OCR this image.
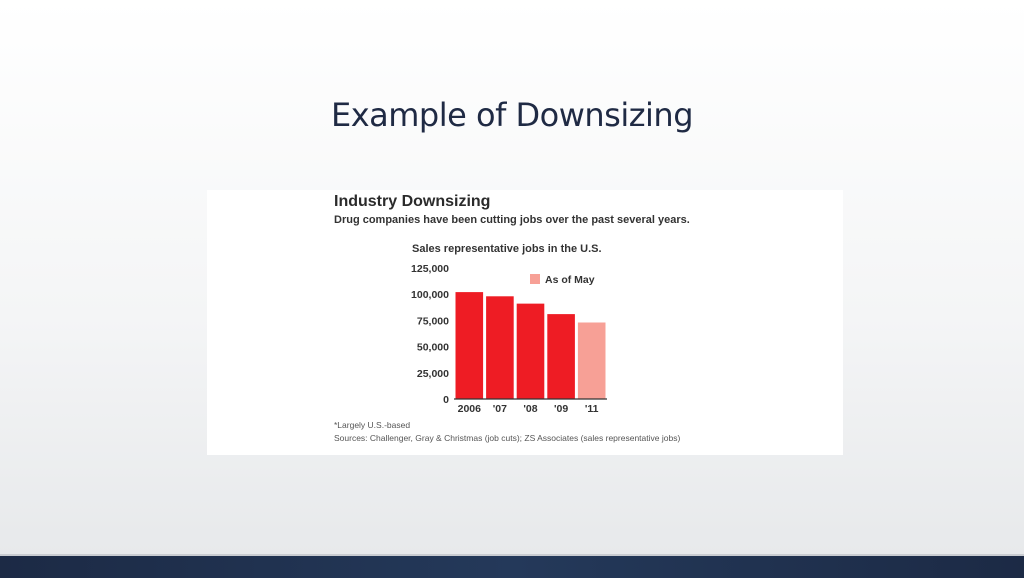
Example of Downsizing
Industry Downsizing
Drug companies have been cutting jobs over the past several years.
Sales representative jobs in the U.S.
0
25,000
50,000
75,000
100,000
125,000
2006 '07 '08 '09 '11
As of May
*Largely U.S.-based
Sources: Challenger, Gray & Christmas (job cuts); ZS Associates (sales representative jobs)
